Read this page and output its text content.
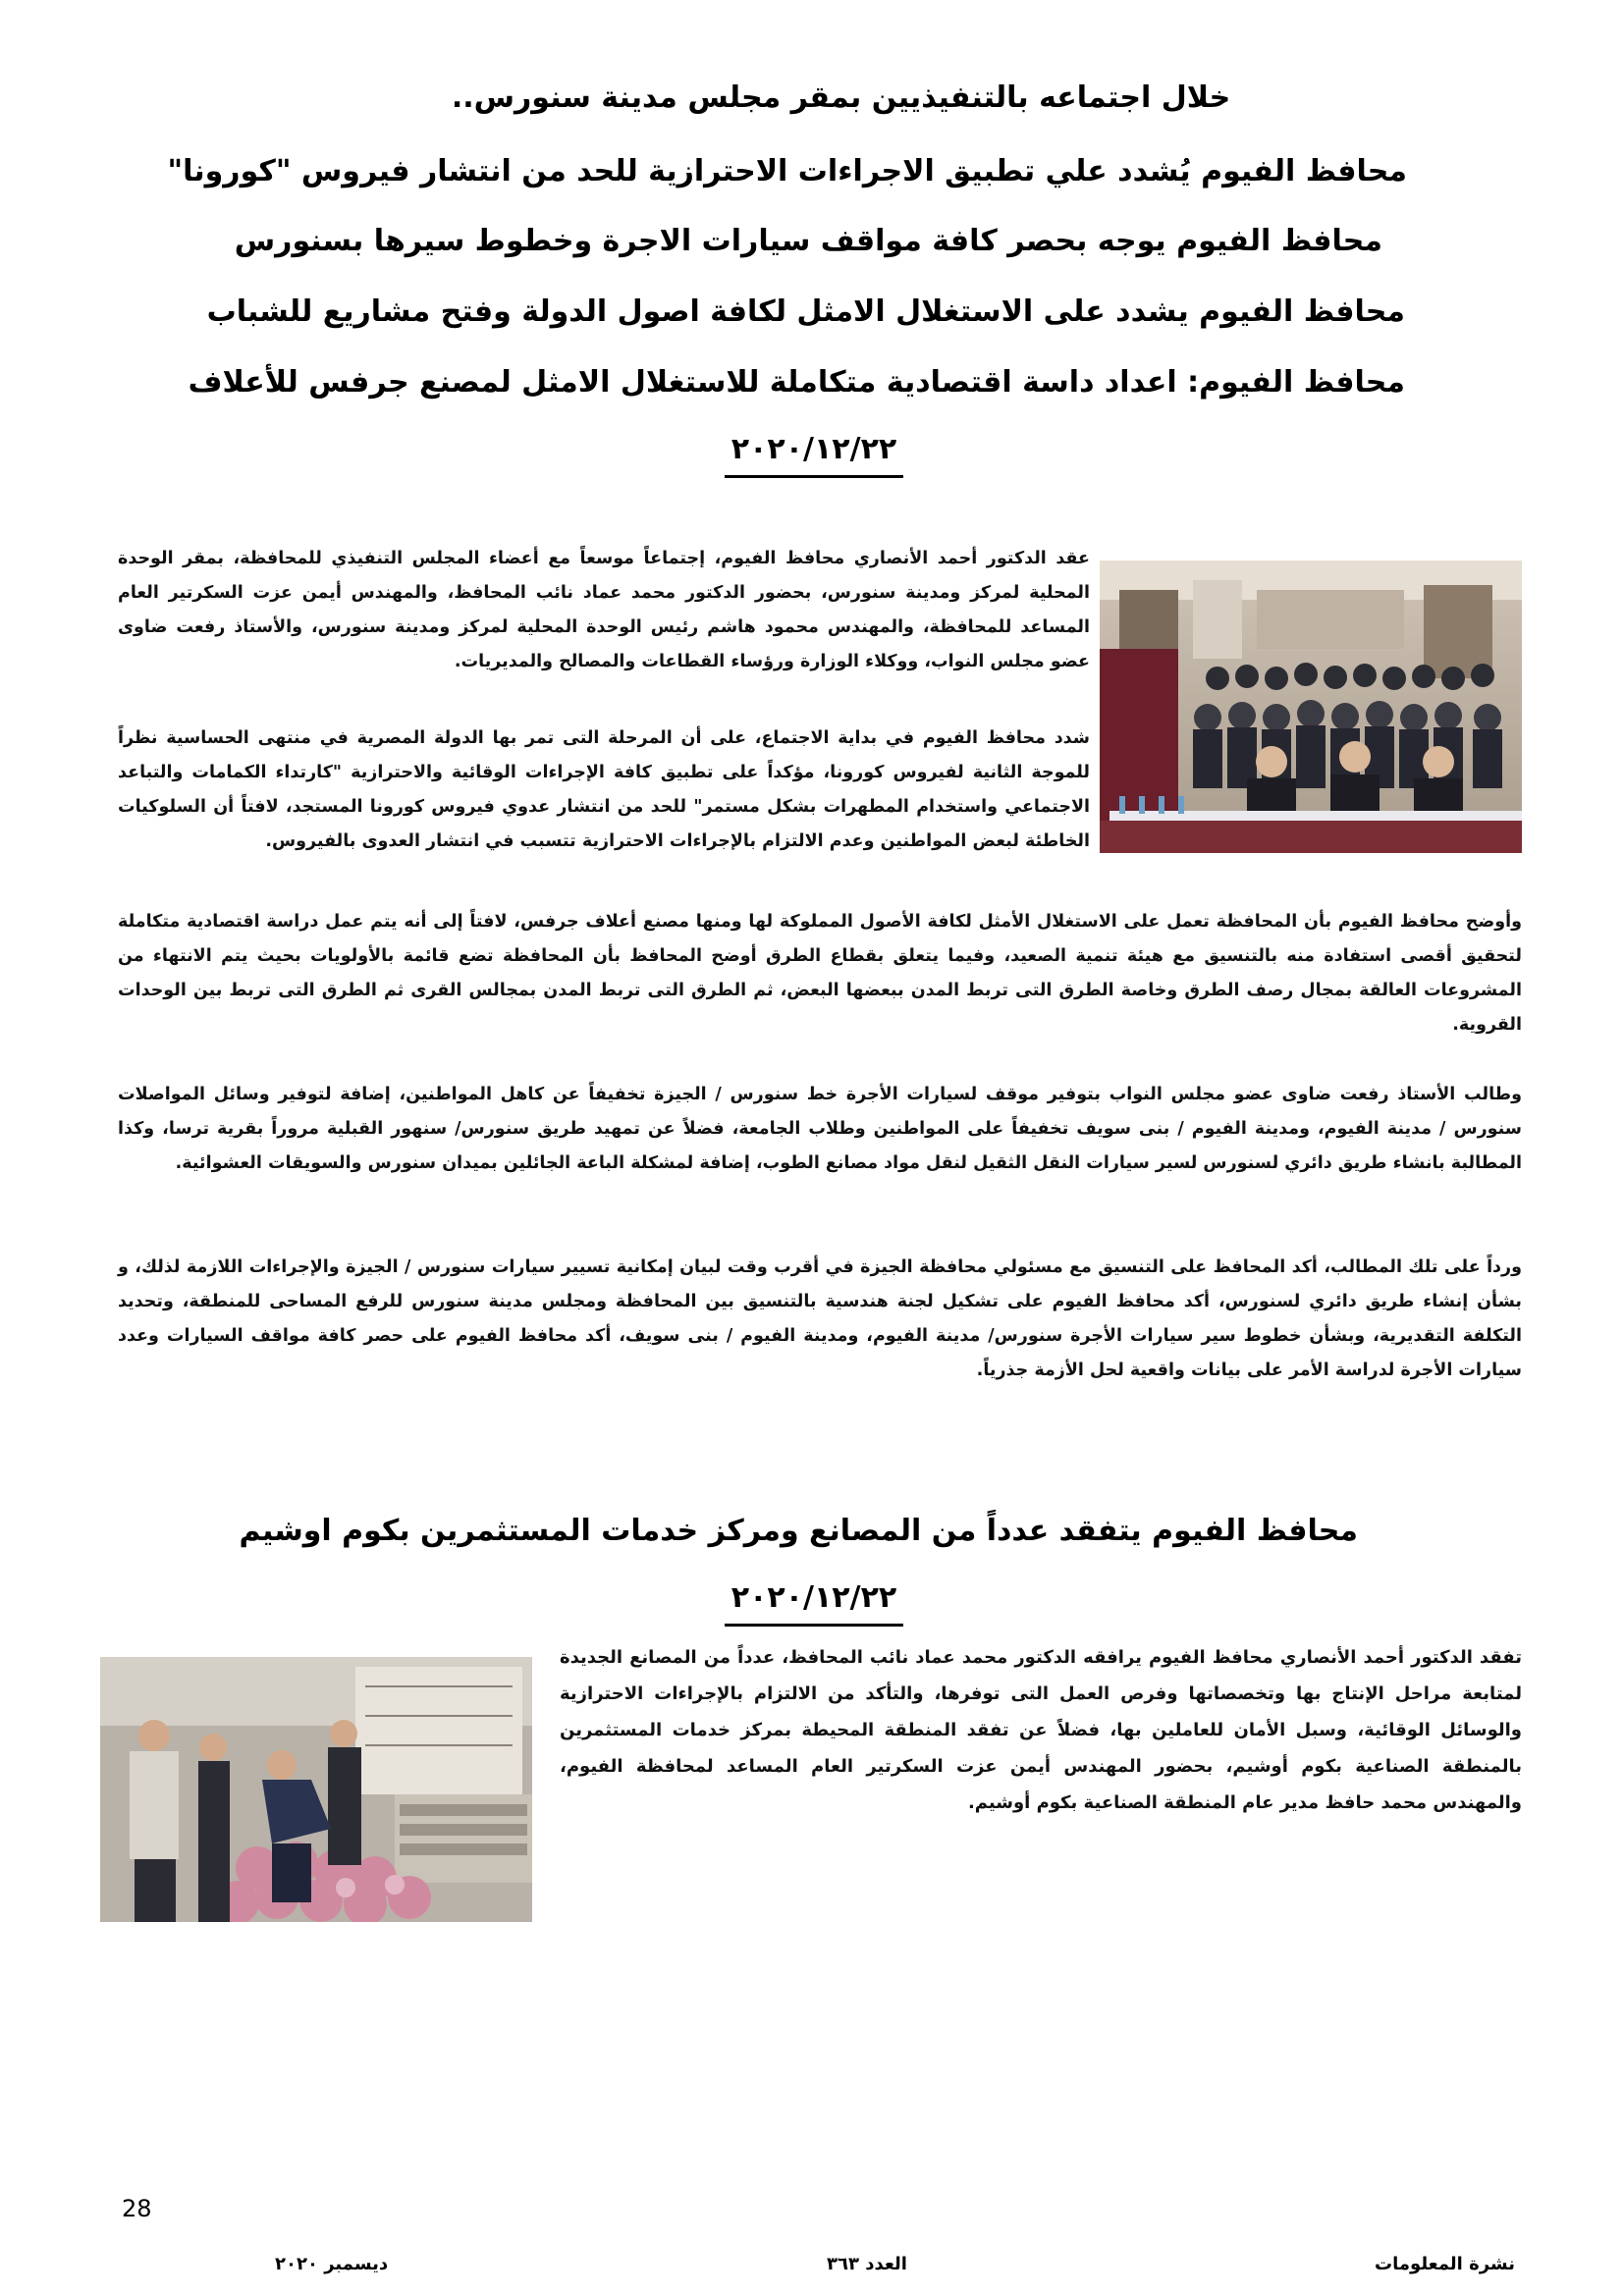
خلال اجتماعه بالتنفيذيين بمقر مجلس مدينة سنورس..
محافظ الفيوم يُشدد علي تطبيق الاجراءات الاحترازية للحد من انتشار فيروس "كورونا"
محافظ الفيوم يوجه بحصر كافة مواقف سيارات الاجرة وخطوط سيرها بسنورس
محافظ الفيوم يشدد على الاستغلال الامثل لكافة اصول الدولة وفتح مشاريع للشباب
محافظ الفيوم: اعداد داسة اقتصادية متكاملة للاستغلال الامثل لمصنع جرفس للأعلاف
٢٠٢٠/١٢/٢٢
عقد الدكتور أحمد الأنصاري محافظ الفيوم، إجتماعاً موسعاً مع أعضاء المجلس التنفيذي للمحافظة، بمقر الوحدة المحلية لمركز ومدينة سنورس، بحضور الدكتور محمد عماد نائب المحافظ، والمهندس أيمن عزت السكرتير العام المساعد للمحافظة، والمهندس محمود هاشم رئيس الوحدة المحلية لمركز ومدينة سنورس، والأستاذ رفعت ضاوى عضو مجلس النواب، ووكلاء الوزارة ورؤساء القطاعات والمصالح والمديريات.
شدد محافظ الفيوم في بداية الاجتماع، على أن المرحلة التى تمر بها الدولة المصرية في منتهى الحساسية نظراً للموجة الثانية لفيروس كورونا، مؤكداً على تطبيق كافة الإجراءات الوقائية والاحترازية "كارتداء الكمامات والتباعد الاجتماعي واستخدام المطهرات بشكل مستمر" للحد من انتشار عدوي فيروس كورونا المستجد، لافتاً أن السلوكيات الخاطئة لبعض المواطنين وعدم الالتزام بالإجراءات الاحترازية تتسبب في انتشار العدوى بالفيروس.
وأوضح محافظ الفيوم بأن المحافظة تعمل على الاستغلال الأمثل لكافة الأصول المملوكة لها ومنها مصنع أعلاف جرفس، لافتاً إلى أنه يتم عمل دراسة اقتصادية متكاملة لتحقيق أقصى استفادة منه بالتنسيق مع هيئة تنمية الصعيد، وفيما يتعلق بقطاع الطرق أوضح المحافظ بأن المحافظة تضع قائمة بالأولويات بحيث يتم الانتهاء من المشروعات العالقة بمجال رصف الطرق وخاصة الطرق التى تربط المدن ببعضها البعض، ثم الطرق التى تربط المدن بمجالس القرى ثم الطرق التى تربط بين الوحدات القروية.
وطالب الأستاذ رفعت ضاوى عضو مجلس النواب بتوفير موقف لسيارات الأجرة خط سنورس / الجيزة تخفيفاً عن كاهل المواطنين، إضافة لتوفير وسائل المواصلات سنورس / مدينة الفيوم، ومدينة الفيوم / بنى سويف تخفيفاً على المواطنين وطلاب الجامعة، فضلاً عن تمهيد طريق سنورس/ سنهور القبلية مروراً بقرية ترسا، وكذا المطالبة بانشاء طريق دائري لسنورس لسير سيارات النقل الثقيل لنقل مواد مصانع الطوب، إضافة لمشكلة الباعة الجائلين بميدان سنورس والسويقات العشوائية.
ورداً على تلك المطالب، أكد المحافظ على التنسيق مع مسئولي محافظة الجيزة في أقرب وقت لبيان إمكانية تسيير سيارات سنورس / الجيزة والإجراءات اللازمة لذلك، و بشأن إنشاء طريق دائري لسنورس، أكد محافظ الفيوم على تشكيل لجنة هندسية بالتنسيق بين المحافظة ومجلس مدينة سنورس للرفع المساحى للمنطقة، وتحديد التكلفة التقديرية، وبشأن خطوط سير سيارات الأجرة سنورس/ مدينة الفيوم، ومدينة الفيوم / بنى سويف، أكد محافظ الفيوم على حصر كافة مواقف السيارات وعدد سيارات الأجرة لدراسة الأمر على بيانات واقعية لحل الأزمة جذرياً.
محافظ الفيوم يتفقد عدداً من المصانع ومركز خدمات المستثمرين بكوم اوشيم
٢٠٢٠/١٢/٢٢
تفقد الدكتور أحمد الأنصاري محافظ الفيوم يرافقه الدكتور محمد عماد نائب المحافظ، عدداً من المصانع الجديدة لمتابعة مراحل الإنتاج بها وتخصصاتها وفرص العمل التى توفرها، والتأكد من الالتزام بالإجراءات الاحترازية والوسائل الوقائية، وسبل الأمان للعاملين بها، فضلاً عن تفقد المنطقة المحيطة بمركز خدمات المستثمرين بالمنطقة الصناعية بكوم أوشيم، بحضور المهندس أيمن عزت السكرتير العام المساعد لمحافظة الفيوم، والمهندس محمد حافظ مدير عام المنطقة الصناعية بكوم أوشيم.
28
نشرة المعلومات
العدد ٣٦٣
ديسمبر ٢٠٢٠
